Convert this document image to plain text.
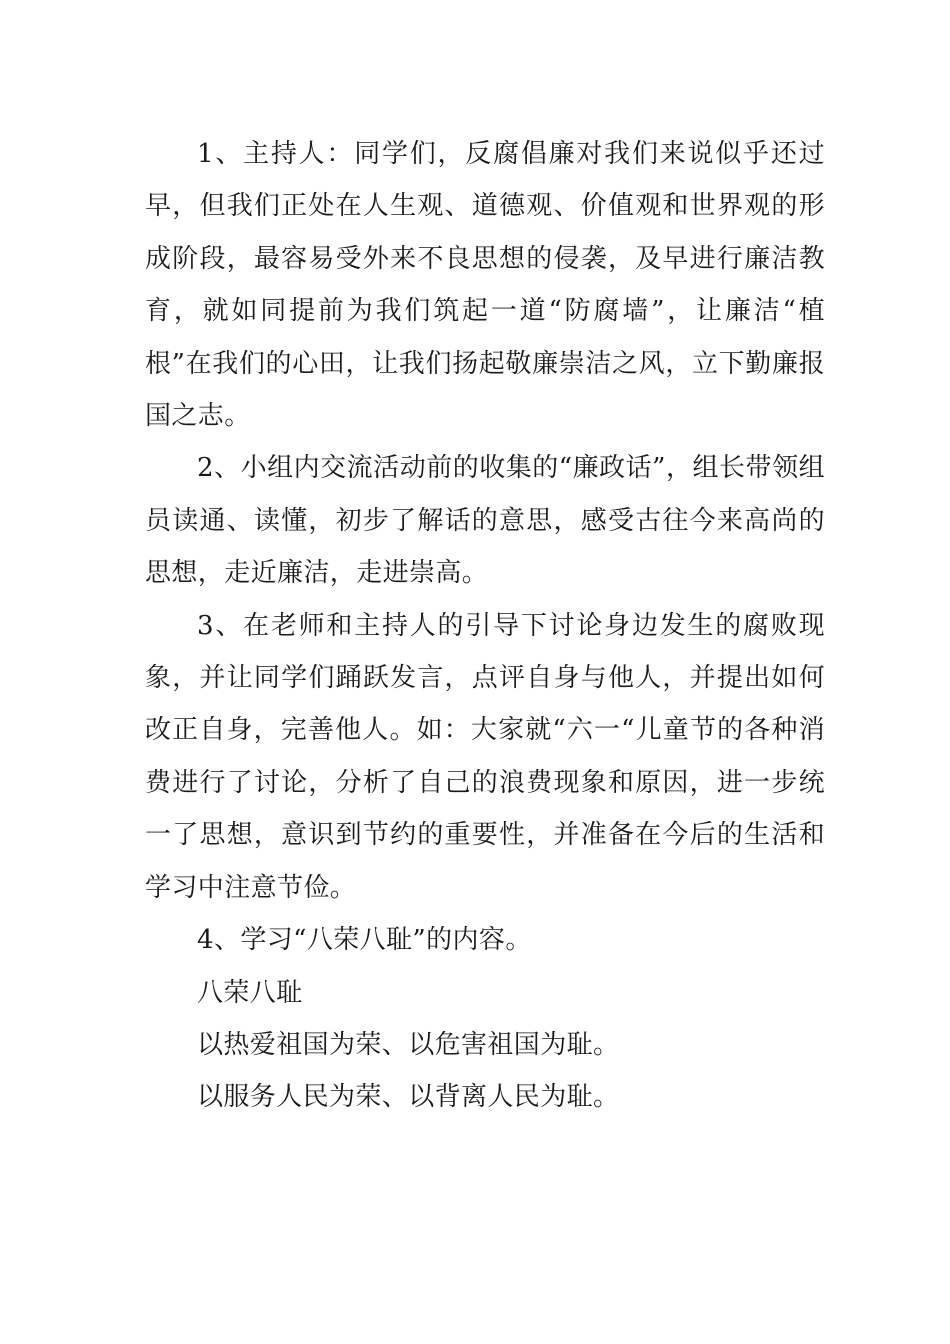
1、主持人：同学们，反腐倡廉对我们来说似乎还过早，但我们正处在人生观、道德观、价值观和世界观的形成阶段，最容易受外来不良思想的侵袭，及早进行廉洁教育，就如同提前为我们筑起一道“防腐墙”，让廉洁“植根”在我们的心田，让我们扬起敬廉崇洁之风，立下勤廉报国之志。

2、小组内交流活动前的收集的“廉政话”，组长带领组员读通、读懂，初步了解话的意思，感受古往今来高尚的思想，走近廉洁，走进崇高。

3、在老师和主持人的引导下讨论身边发生的腐败现象，并让同学们踊跃发言，点评自身与他人，并提出如何改正自身，完善他人。如：大家就“六一“儿童节的各种消费进行了讨论，分析了自己的浪费现象和原因，进一步统一了思想，意识到节约的重要性，并准备在今后的生活和学习中注意节俭。

4、学习“八荣八耻”的内容。

八荣八耻

以热爱祖国为荣、以危害祖国为耻。

以服务人民为荣、以背离人民为耻。
